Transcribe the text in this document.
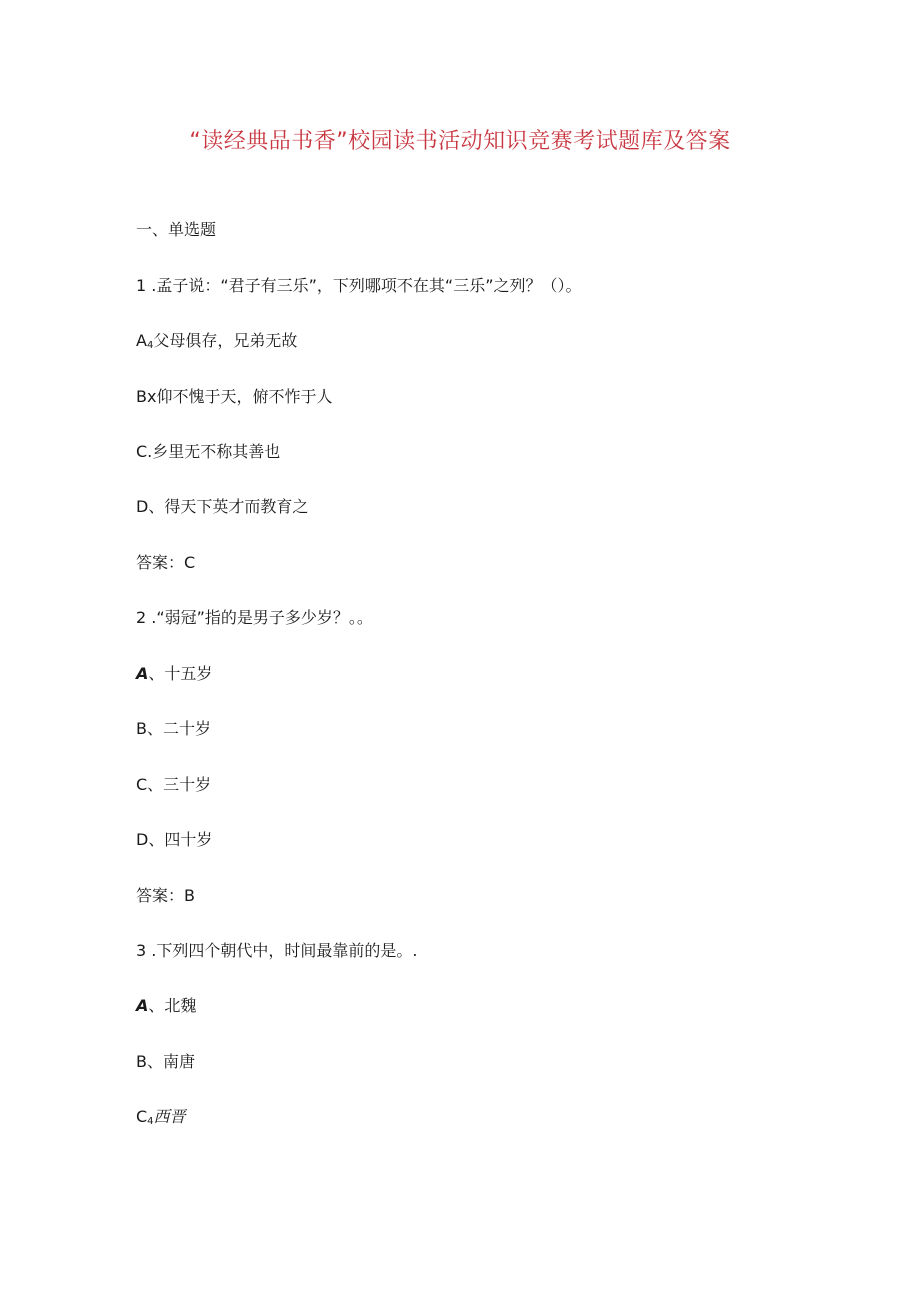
“读经典品书香”校园读书活动知识竞赛考试题库及答案
一、单选题
1 .孟子说：“君子有三乐”，下列哪项不在其“三乐”之列？（）。
$A_4$父母俱存，兄弟无故
Bx仰不愧于天，俯不怍于人
C.乡里无不称其善也
D、得天下英才而教育之
答案：C
2 .“弱冠”指的是男子多少岁？。。
A、十五岁
B、二十岁
C、三十岁
D、四十岁
答案：B
3 .下列四个朝代中，时间最靠前的是。.
A、北魏
B、南唐
$C_4$西晋
